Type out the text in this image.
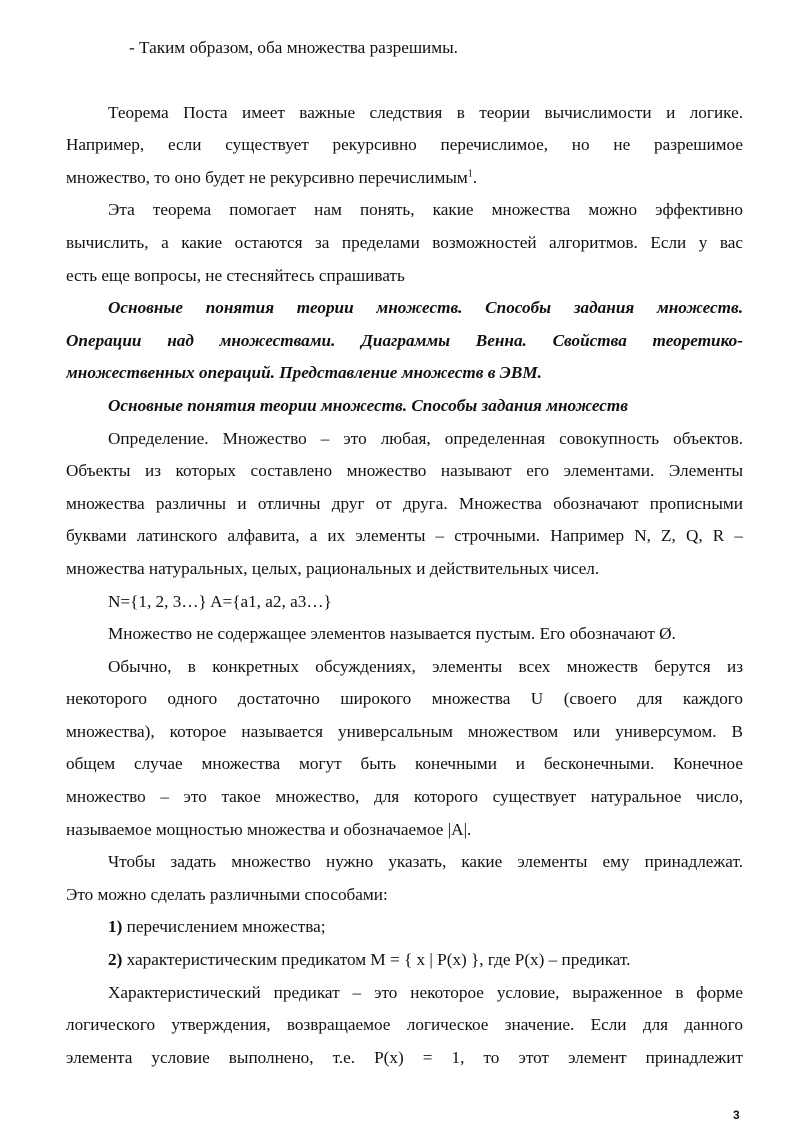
- Таким образом, оба множества разрешимы.
Теорема Поста имеет важные следствия в теории вычислимости и логике.
Например, если существует рекурсивно перечислимое, но не разрешимое
множество, то оно будет не рекурсивно перечислимым$^1$.
Эта теорема помогает нам понять, какие множества можно эффективно
вычислить, а какие остаются за пределами возможностей алгоритмов. Если у вас
есть еще вопросы, не стесняйтесь спрашивать
Основные понятия теории множеств. Способы задания множеств.
Операции над множествами. Диаграммы Венна. Свойства теоретико-
множественных операций. Представление множеств в ЭВМ.
Основные понятия теории множеств. Способы задания множеств
Определение. Множество – это любая, определенная совокупность объектов.
Объекты из которых составлено множество называют его элементами. Элементы
множества различны и отличны друг от друга. Множества обозначают прописными
буквами латинского алфавита, а их элементы – строчными. Например N, Z, Q, R –
множества натуральных, целых, рациональных и действительных чисел.
N={1, 2, 3…} A={a1, a2, a3…}
Множество не содержащее элементов называется пустым. Его обозначают Ø.
Обычно, в конкретных обсуждениях, элементы всех множеств берутся из
некоторого одного достаточно широкого множества U (своего для каждого
множества), которое называется универсальным множеством или универсумом. В
общем случае множества могут быть конечными и бесконечными. Конечное
множество – это такое множество, для которого существует натуральное число,
называемое мощностью множества и обозначаемое |A|.
Чтобы задать множество нужно указать, какие элементы ему принадлежат.
Это можно сделать различными способами:
1) перечислением множества;
2) характеристическим предикатом M = { x | P(x) }, где P(x) – предикат.
Характеристический предикат – это некоторое условие, выраженное в форме
логического утверждения, возвращаемое логическое значение. Если для данного
элемента условие выполнено, т.е. P(x) = 1, то этот элемент принадлежит
3
